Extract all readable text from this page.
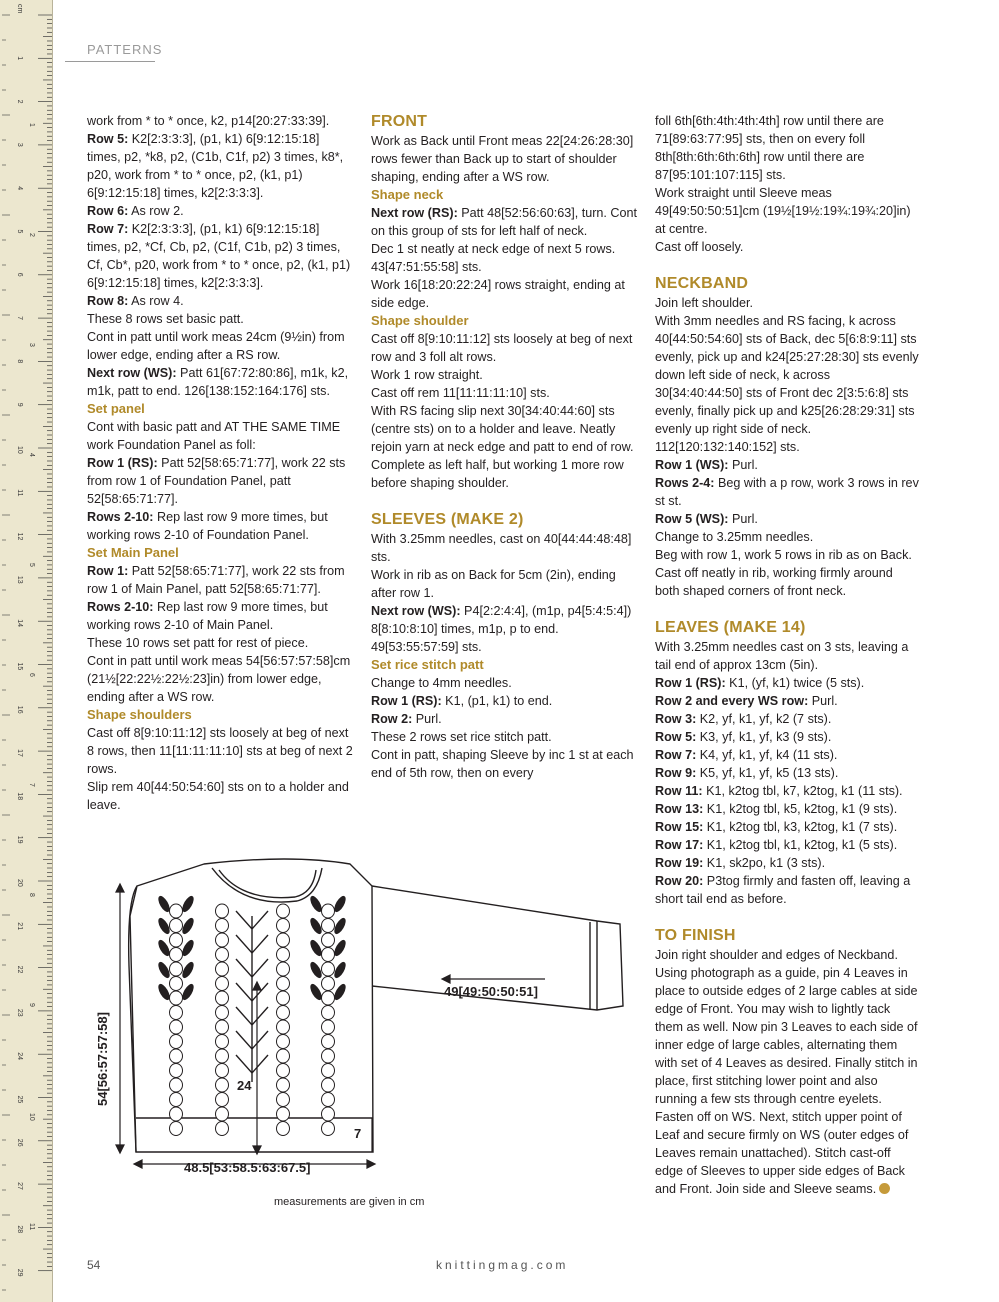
1
2
3
4
5
6
7
8
9
10
11
12
13
14
15
16
17
18
19
20
21
22
23
24
25
26
27
28
29
cm
1
2
3
4
5
6
7
8
9
10
11
PATTERNS

work from * to * once, k2, p14[20:27:33:39].

Row 5: K2[2:3:3:3], (p1, k1) 6[9:12:15:18] times, p2, *k8, p2, (C1b, C1f, p2) 3 times, k8*, p20, work from * to * once, p2, (k1, p1) 6[9:12:15:18] times, k2[2:3:3:3].

Row 6: As row 2.

Row 7: K2[2:3:3:3], (p1, k1) 6[9:12:15:18] times, p2, *Cf, Cb, p2, (C1f, C1b, p2) 3 times, Cf, Cb*, p20, work from * to * once, p2, (k1, p1) 6[9:12:15:18] times, k2[2:3:3:3].

Row 8: As row 4.

These 8 rows set basic patt.

Cont in patt until work meas 24cm (9½in) from lower edge, ending after a RS row.

Next row (WS): Patt 61[67:72:80:86], m1k, k2, m1k, patt to end. 126[138:152:164:176] sts.

Set panel

Cont with basic patt and AT THE SAME TIME work Foundation Panel as foll:

Row 1 (RS): Patt 52[58:65:71:77], work 22 sts from row 1 of Foundation Panel, patt 52[58:65:71:77].

Rows 2-10: Rep last row 9 more times, but working rows 2-10 of Foundation Panel.

Set Main Panel

Row 1: Patt 52[58:65:71:77], work 22 sts from row 1 of Main Panel, patt 52[58:65:71:77].

Rows 2-10: Rep last row 9 more times, but working rows 2-10 of Main Panel.

These 10 rows set patt for rest of piece.

Cont in patt until work meas 54[56:57:57:58]cm (21½[22:22½:22½:23]in) from lower edge, ending after a WS row.

Shape shoulders

Cast off 8[9:10:11:12] sts loosely at beg of next 8 rows, then 11[11:11:11:10] sts at beg of next 2 rows.

Slip rem 40[44:50:54:60] sts on to a holder and leave.

FRONT

Work as Back until Front meas 22[24:26:28:30] rows fewer than Back up to start of shoulder shaping, ending after a WS row.

Shape neck

Next row (RS): Patt 48[52:56:60:63], turn. Cont on this group of sts for left half of neck.

Dec 1 st neatly at neck edge of next 5 rows. 43[47:51:55:58] sts.

Work 16[18:20:22:24] rows straight, ending at side edge.

Shape shoulder

Cast off 8[9:10:11:12] sts loosely at beg of next row and 3 foll alt rows.

Work 1 row straight.

Cast off rem 11[11:11:11:10] sts.

With RS facing slip next 30[34:40:44:60] sts (centre sts) on to a holder and leave. Neatly rejoin yarn at neck edge and patt to end of row.

Complete as left half, but working 1 more row before shaping shoulder.

SLEEVES (MAKE 2)

With 3.25mm needles, cast on 40[44:44:48:48] sts.

Work in rib as on Back for 5cm (2in), ending after row 1.

Next row (WS): P4[2:2:4:4], (m1p, p4[5:4:5:4]) 8[8:10:8:10] times, m1p, p to end. 49[53:55:57:59] sts.

Set rice stitch patt

Change to 4mm needles.

Row 1 (RS): K1, (p1, k1) to end.

Row 2: Purl.

These 2 rows set rice stitch patt.

Cont in patt, shaping Sleeve by inc 1 st at each end of 5th row, then on every

foll 6th[6th:4th:4th:4th] row until there are 71[89:63:77:95] sts, then on every foll 8th[8th:6th:6th:6th] row until there are 87[95:101:107:115] sts.

Work straight until Sleeve meas 49[49:50:50:51]cm (19½[19½:19¾:19¾:20]in) at centre.

Cast off loosely.

NECKBAND

Join left shoulder.

With 3mm needles and RS facing, k across 40[44:50:54:60] sts of Back, dec 5[6:8:9:11] sts evenly, pick up and k24[25:27:28:30] sts evenly down left side of neck, k across 30[34:40:44:50] sts of Front dec 2[3:5:6:8] sts evenly, finally pick up and k25[26:28:29:31] sts evenly up right side of neck. 112[120:132:140:152] sts.

Row 1 (WS): Purl.

Rows 2-4: Beg with a p row, work 3 rows in rev st st.

Row 5 (WS): Purl.

Change to 3.25mm needles.

Beg with row 1, work 5 rows in rib as on Back. Cast off neatly in rib, working firmly around both shaped corners of front neck.

LEAVES (MAKE 14)

With 3.25mm needles cast on 3 sts, leaving a tail end of approx 13cm (5in).

Row 1 (RS): K1, (yf, k1) twice (5 sts).

Row 2 and every WS row: Purl.

Row 3: K2, yf, k1, yf, k2 (7 sts).

Row 5: K3, yf, k1, yf, k3 (9 sts).

Row 7: K4, yf, k1, yf, k4 (11 sts).

Row 9: K5, yf, k1, yf, k5 (13 sts).

Row 11: K1, k2tog tbl, k7, k2tog, k1 (11 sts).

Row 13: K1, k2tog tbl, k5, k2tog, k1 (9 sts).

Row 15: K1, k2tog tbl, k3, k2tog, k1 (7 sts).

Row 17: K1, k2tog tbl, k1, k2tog, k1 (5 sts).

Row 19: K1, sk2po, k1 (3 sts).

Row 20: P3tog firmly and fasten off, leaving a short tail end as before.

TO FINISH

Join right shoulder and edges of Neckband. Using photograph as a guide, pin 4 Leaves in place to outside edges of 2 large cables at side edge of Front. You may wish to lightly tack them as well. Now pin 3 Leaves to each side of inner edge of large cables, alternating them with set of 4 Leaves as desired. Finally stitch in place, first stitching lower point and also running a few sts through centre eyelets. Fasten off on WS. Next, stitch upper point of Leaf and secure firmly on WS (outer edges of Leaves remain unattached). Stitch cast-off edge of Sleeves to upper side edges of Back and Front. Join side and Sleeve seams.

54[56:57:57:58]
48.5[53:58.5:63:67.5]
24
7
49[49:50:50:51]
measurements are given in cm
54	knittingmag.com
